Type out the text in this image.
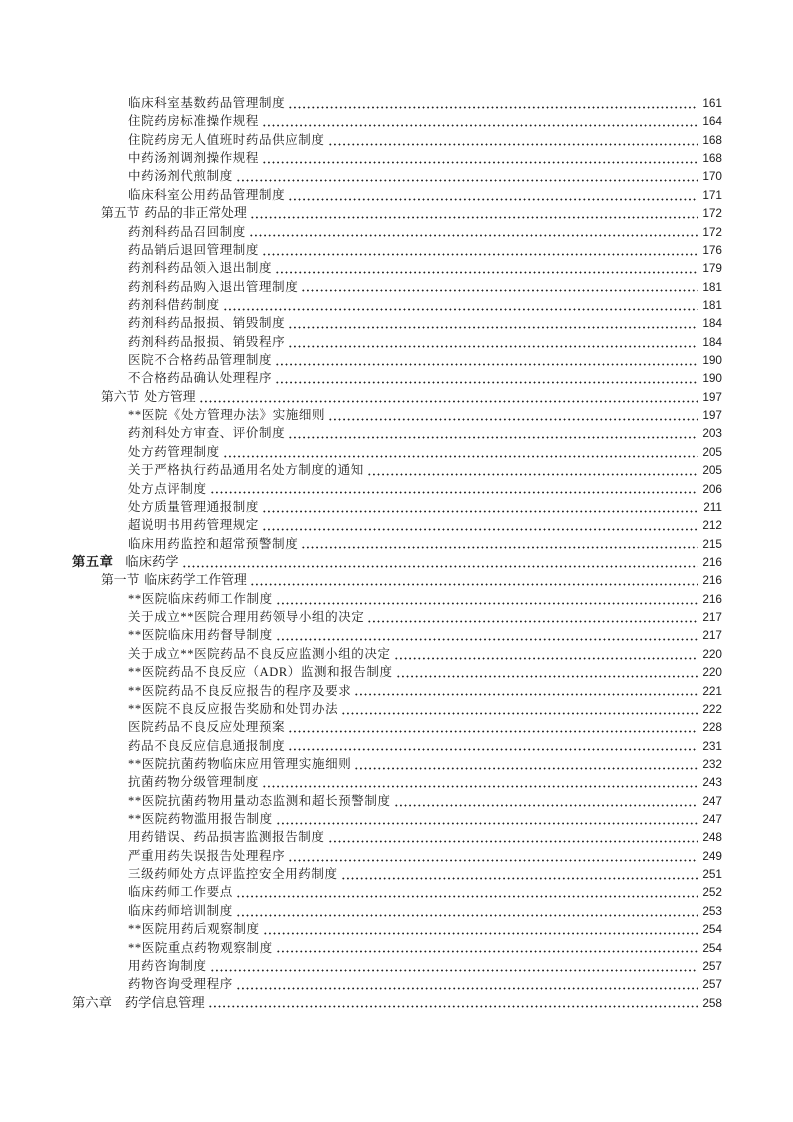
临床科室基数药品管理制度	161
住院药房标准操作规程	164
住院药房无人值班时药品供应制度	168
中药汤剂调剂操作规程	168
中药汤剂代煎制度	170
临床科室公用药品管理制度	171
第五节 药品的非正常处理	172
药剂科药品召回制度	172
药品销后退回管理制度	176
药剂科药品领入退出制度	179
药剂科药品购入退出管理制度	181
药剂科借药制度	181
药剂科药品报损、销毁制度	184
药剂科药品报损、销毁程序	184
医院不合格药品管理制度	190
不合格药品确认处理程序	190
第六节 处方管理	197
**医院《处方管理办法》实施细则	197
药剂科处方审查、评价制度	203
处方药管理制度	205
关于严格执行药品通用名处方制度的通知	205
处方点评制度	206
处方质量管理通报制度	211
超说明书用药管理规定	212
临床用药监控和超常预警制度	215
第五章 临床药学	216
第一节 临床药学工作管理	216
**医院临床药师工作制度	216
关于成立**医院合理用药领导小组的决定	217
**医院临床用药督导制度	217
关于成立**医院药品不良反应监测小组的决定	220
**医院药品不良反应（ADR）监测和报告制度	220
**医院药品不良反应报告的程序及要求	221
**医院不良反应报告奖励和处罚办法	222
医院药品不良反应处理预案	228
药品不良反应信息通报制度	231
**医院抗菌药物临床应用管理实施细则	232
抗菌药物分级管理制度	243
**医院抗菌药物用量动态监测和超长预警制度	247
**医院药物滥用报告制度	247
用药错误、药品损害监测报告制度	248
严重用药失误报告处理程序	249
三级药师处方点评监控安全用药制度	251
临床药师工作要点	252
临床药师培训制度	253
**医院用药后观察制度	254
**医院重点药物观察制度	254
用药咨询制度	257
药物咨询受理程序	257
第六章 药学信息管理	258
